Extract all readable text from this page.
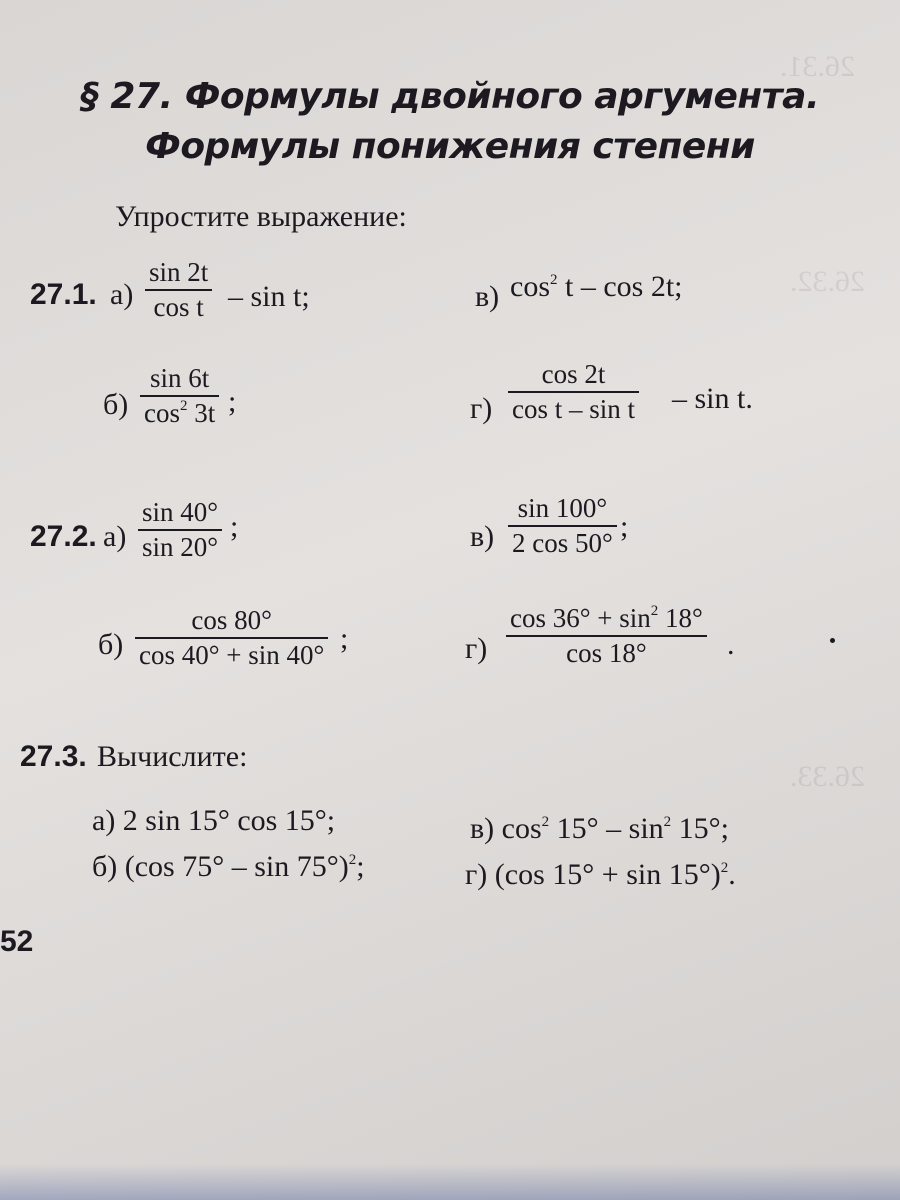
26.31.
26.32.
26.33.
§ 27. Формулы двойного аргумента.
Формулы понижения степени
Упростите выражение:
27.1. а)
sin 2t
cos t – sin t;	в) $\cos^2 t$ – cos 2t;
б)
sin 6t
$\cos^2 3t$ ;	г)
cos 2t
cos t – sin t – sin t.
27.2. а)
sin 40°
sin 20°
;	в)
sin 100°
2 cos 50°
;
б)
cos 80°
cos 40° + sin 40°
;	г)
$\cos 36^\circ + \sin^2 18^\circ$
cos 18°	.
27.3. Вычислите:
а) 2 sin 15° cos 15°;
б) (cos 75° – sin 75°)$^2$;
в) $\cos^2 15^\circ - \sin^2 15^\circ$;
г) (cos 15° + sin 15°)$^2$.
52
